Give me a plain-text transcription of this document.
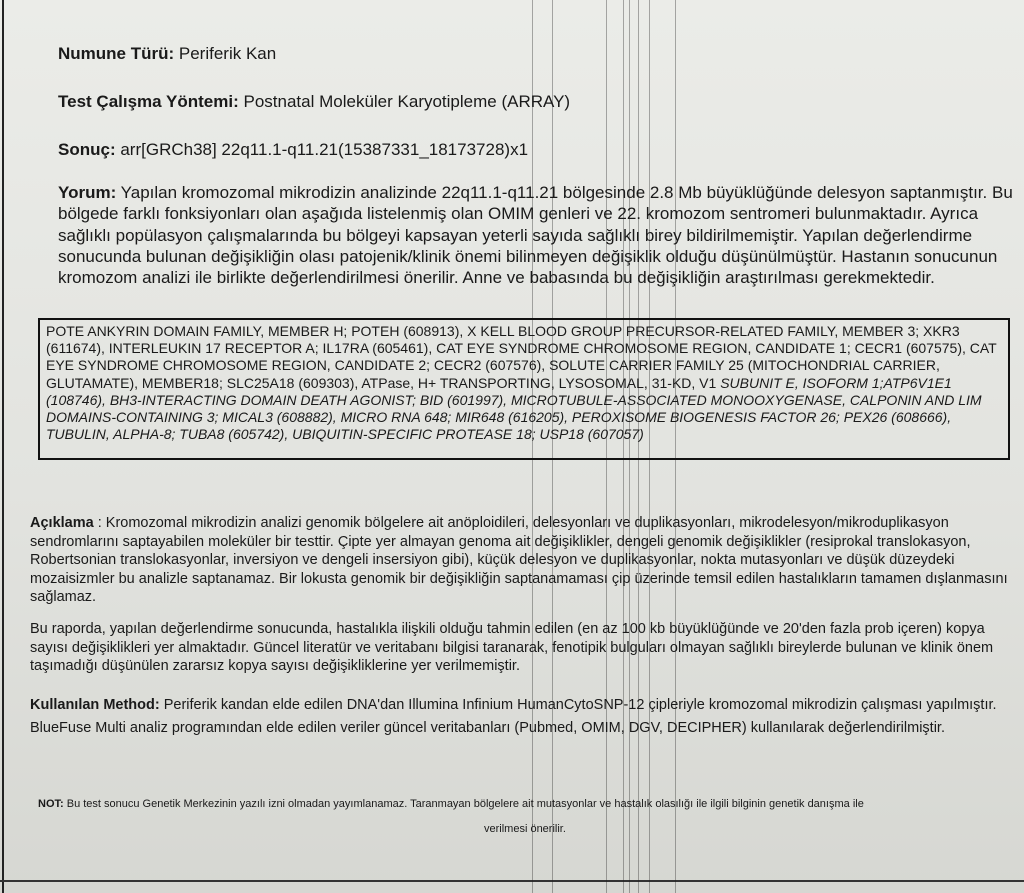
Numune Türü: Periferik Kan
Test Çalışma Yöntemi: Postnatal Moleküler Karyotipleme (ARRAY)
Sonuç: arr[GRCh38] 22q11.1-q11.21(15387331_18173728)x1
Yorum: Yapılan kromozomal mikrodizin analizinde 22q11.1-q11.21 bölgesinde 2.8 Mb büyüklüğünde delesyon saptanmıştır. Bu bölgede farklı fonksiyonları olan aşağıda listelenmiş olan OMIM genleri ve 22. kromozom sentromeri bulunmaktadır. Ayrıca sağlıklı popülasyon çalışmalarında bu bölgeyi kapsayan yeterli sayıda sağlıklı birey bildirilmemiştir. Yapılan değerlendirme sonucunda bulunan değişikliğin olası patojenik/klinik önemi bilinmeyen değişiklik olduğu düşünülmüştür. Hastanın sonucunun kromozom analizi ile birlikte değerlendirilmesi önerilir. Anne ve babasında bu değişikliğin araştırılması gerekmektedir.
POTE ANKYRIN DOMAIN FAMILY, MEMBER H; POTEH (608913), X KELL BLOOD GROUP PRECURSOR-RELATED FAMILY, MEMBER 3; XKR3 (611674), INTERLEUKIN 17 RECEPTOR A; IL17RA (605461), CAT EYE SYNDROME CHROMOSOME REGION, CANDIDATE 1; CECR1 (607575), CAT EYE SYNDROME CHROMOSOME REGION, CANDIDATE 2; CECR2 (607576), SOLUTE CARRIER FAMILY 25 (MITOCHONDRIAL CARRIER, GLUTAMATE), MEMBER18; SLC25A18 (609303), ATPase, H+ TRANSPORTING, LYSOSOMAL, 31-KD, V1 SUBUNIT E, ISOFORM 1;ATP6V1E1 (108746), BH3-INTERACTING DOMAIN DEATH AGONIST; BID (601997), MICROTUBULE-ASSOCIATED MONOOXYGENASE, CALPONIN AND LIM DOMAINS-CONTAINING 3; MICAL3 (608882), MICRO RNA 648; MIR648 (616205), PEROXISOME BIOGENESIS FACTOR 26; PEX26 (608666), TUBULIN, ALPHA-8; TUBA8 (605742), UBIQUITIN-SPECIFIC PROTEASE 18; USP18 (607057)
Açıklama : Kromozomal mikrodizin analizi genomik bölgelere ait anöploidileri, delesyonları ve duplikasyonları, mikrodelesyon/mikroduplikasyon sendromlarını saptayabilen moleküler bir testtir. Çipte yer almayan genoma ait değişiklikler, dengeli genomik değişiklikler (resiprokal translokasyon, Robertsonian translokasyonlar, inversiyon ve dengeli insersiyon gibi), küçük delesyon ve duplikasyonlar, nokta mutasyonları ve düşük düzeydeki mozaisizmler bu analizle saptanamaz. Bir lokusta genomik bir değişikliğin saptanamaması çip üzerinde temsil edilen hastalıkların tamamen dışlanmasını sağlamaz.
Bu raporda, yapılan değerlendirme sonucunda, hastalıkla ilişkili olduğu tahmin edilen (en az 100 kb büyüklüğünde ve 20'den fazla prob içeren) kopya sayısı değişiklikleri yer almaktadır. Güncel literatür ve veritabanı bilgisi taranarak, fenotipik bulguları olmayan sağlıklı bireylerde bulunan ve klinik önem taşımadığı düşünülen zararsız kopya sayısı değişikliklerine yer verilmemiştir.
Kullanılan Method: Periferik kandan elde edilen DNA'dan Illumina Infinium HumanCytoSNP-12 çipleriyle kromozomal mikrodizin çalışması yapılmıştır. BlueFuse Multi analiz programından elde edilen veriler güncel veritabanları (Pubmed, OMIM, DGV, DECIPHER) kullanılarak değerlendirilmiştir.
NOT: Bu test sonucu Genetik Merkezinin yazılı izni olmadan yayımlanamaz. Taranmayan bölgelere ait mutasyonlar ve hastalık olasılığı ile ilgili bilginin genetik danışma ile
verilmesi önerilir.
